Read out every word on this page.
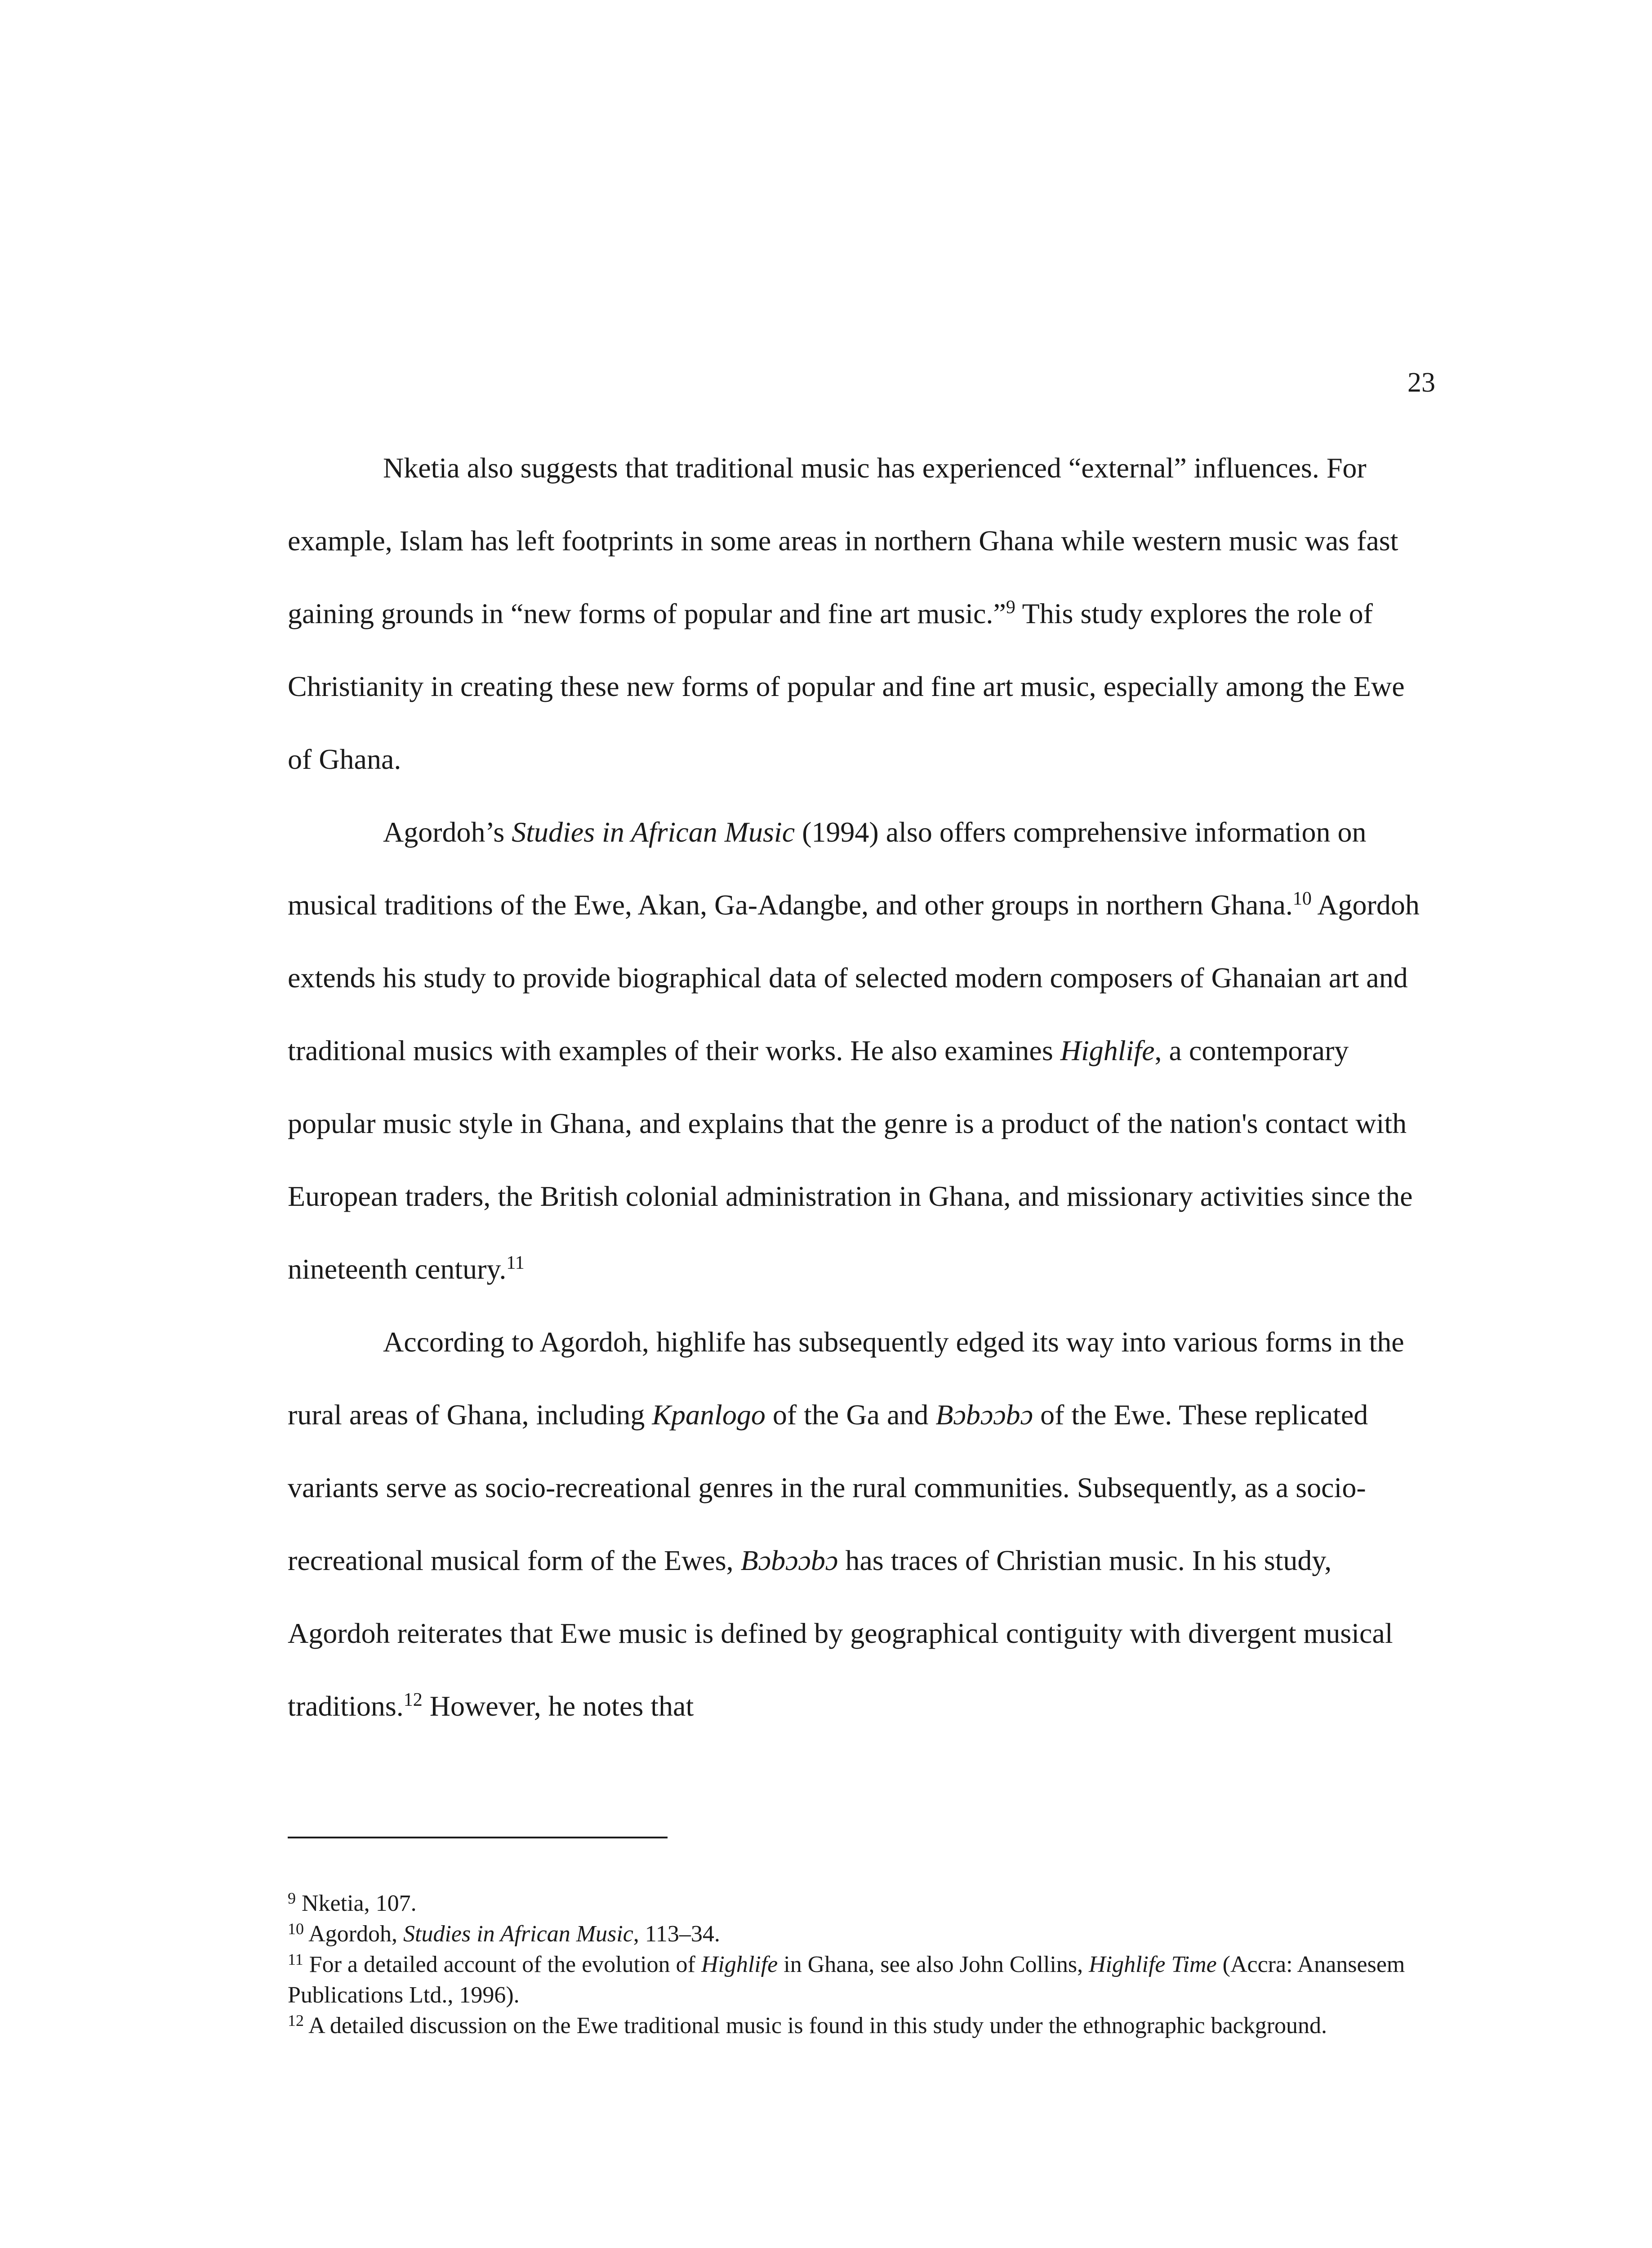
23

Nketia also suggests that traditional music has experienced “external” influences. For example, Islam has left footprints in some areas in northern Ghana while western music was fast gaining grounds in “new forms of popular and fine art music.”$^9$ This study explores the role of Christianity in creating these new forms of popular and fine art music, especially among the Ewe of Ghana.

Agordoh’s Studies in African Music (1994) also offers comprehensive information on musical traditions of the Ewe, Akan, Ga-Adangbe, and other groups in northern Ghana.$^{10}$ Agordoh extends his study to provide biographical data of selected modern composers of Ghanaian art and traditional musics with examples of their works. He also examines Highlife, a contemporary popular music style in Ghana, and explains that the genre is a product of the nation's contact with European traders, the British colonial administration in Ghana, and missionary activities since the nineteenth century.$^{11}$

According to Agordoh, highlife has subsequently edged its way into various forms in the rural areas of Ghana, including Kpanlogo of the Ga and Bɔbɔɔbɔ of the Ewe. These replicated variants serve as socio-recreational genres in the rural communities. Subsequently, as a socio-recreational musical form of the Ewes, Bɔbɔɔbɔ has traces of Christian music. In his study, Agordoh reiterates that Ewe music is defined by geographical contiguity with divergent musical traditions.$^{12}$ However, he notes that

$^9$ Nketia, 107.

$^{10}$ Agordoh, Studies in African Music, 113–34.

$^{11}$ For a detailed account of the evolution of Highlife in Ghana, see also John Collins, Highlife Time (Accra: Anansesem Publications Ltd., 1996).

$^{12}$ A detailed discussion on the Ewe traditional music is found in this study under the ethnographic background.
